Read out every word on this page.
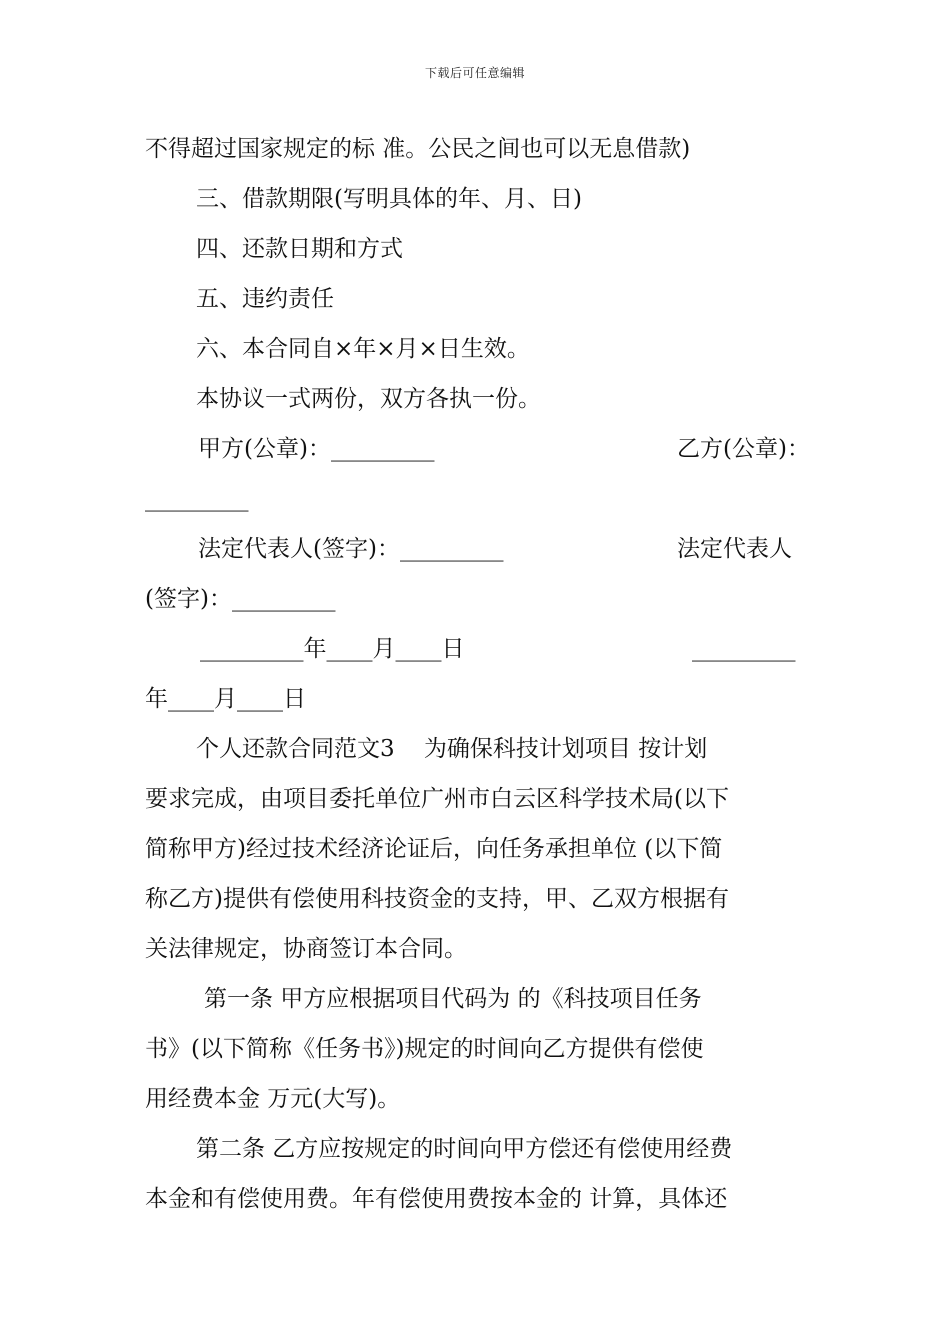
下载后可任意编辑
不得超过国家规定的标 准。公民之间也可以无息借款)
三、借款期限(写明具体的年、月、日)
四、还款日期和方式
五、违约责任
六、本合同自×年×月×日生效。
本协议一式两份，双方各执一份。
甲方(公章)：_________	乙方(公章)：
_________
法定代表人(签字)：_________	法定代表人
(签字)：_________
_________年____月____日	_________
年____月____日
个人还款合同范文3    为确保科技计划项目 按计划
要求完成，由项目委托单位广州市白云区科学技术局(以下
简称甲方)经过技术经济论证后，向任务承担单位 (以下简
称乙方)提供有偿使用科技资金的支持，甲、乙双方根据有
关法律规定，协商签订本合同。
第一条 甲方应根据项目代码为 的《科技项目任务
书》(以下简称《任务书》)规定的时间向乙方提供有偿使
用经费本金 万元(大写)。
第二条 乙方应按规定的时间向甲方偿还有偿使用经费
本金和有偿使用费。年有偿使用费按本金的 计算，具体还
